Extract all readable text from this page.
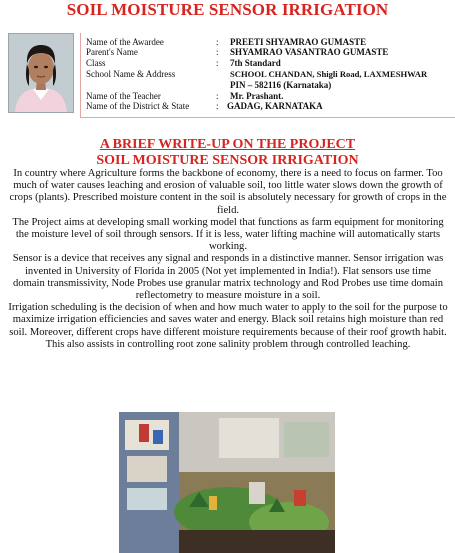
SOIL MOISTURE SENSOR IRRIGATION
Name of the Awardee	: PREETI SHYAMRAO GUMASTE
Parent's Name	: SHYAMRAO VASANTRAO GUMASTE
Class	: 7th Standard
School Name & Address	SCHOOL CHANDAN, Shigli Road, LAXMESHWAR
PIN – 582116 (Karnataka)
Name of the Teacher	: Mr. Prashant.
Name of the District & State	: GADAG, KARNATAKA
A BRIEF WRITE-UP ON THE PROJECT
SOIL MOISTURE SENSOR IRRIGATION

In country where Agriculture forms the backbone of economy, there is a need to focus on farmer. Too much of water causes leaching and erosion of valuable soil, too little water slows down the growth of crops (plants). Prescribed moisture content in the soil is absolutely necessary for growth of crops in the field.

The Project aims at developing small working model that functions as farm equipment for monitoring the moisture level of soil through sensors. If it is less, water lifting machine will automatically starts working.

Sensor is a device that receives any signal and responds in a distinctive manner. Sensor irrigation was invented in University of Florida in 2005 (Not yet implemented in India!). Flat sensors use time domain transmissivity, Node Probes use granular matrix technology and Rod Probes use time domain reflectometry to measure moisture in a soil.

Irrigation scheduling is the decision of when and how much water to apply to the soil for the purpose to maximize irrigation efficiencies and saves water and energy. Black soil retains high moisture than red soil. Moreover, different crops have different moisture requirements because of their roof growth habit.

This also assists in controlling root zone salinity problem through controlled leaching.
